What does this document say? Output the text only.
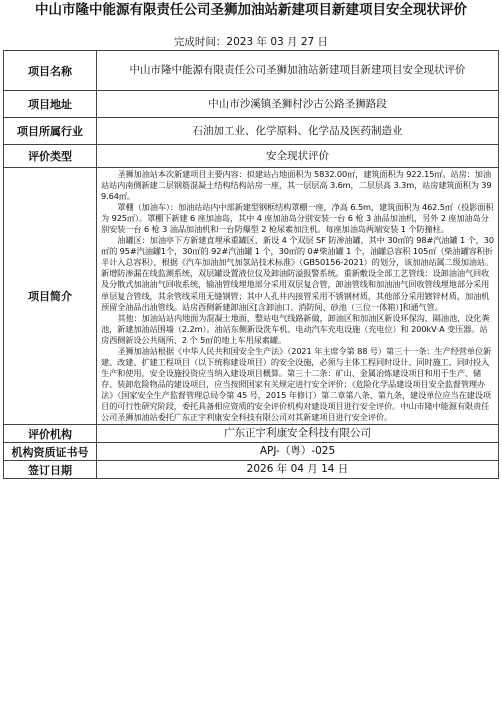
中山市隆中能源有限责任公司圣狮加油站新建项目新建项目安全现状评价
完成时间：2023 年 03 月 27 日
项目名称	中山市隆中能源有限责任公司圣狮加油站新建项目新建项目安全现状评价
项目地址	中山市沙溪镇圣狮村沙古公路圣狮路段
项目所属行业	石油加工业、化学原料、化学品及医药制造业
评价类型	安全现状评价
项目简介	圣狮加油站本次新建项目主要内容：拟建站占地面积为 5832.00㎡，建筑面积为 922.15㎡。站房：加油站站内南侧新建二层钢筋混凝土结构结构站房一座，其一层层高 3.6m，二层层高 3.3m，站房建筑面积为 399.64㎡。

罩棚（加油车）：加油站站内中部新建型钢框结构罩棚一座，净高 6.5m，建筑面积为 462.5㎡（投影面积为 925㎡）。罩棚下新建 6 座加油岛，其中 4 座加油岛分别安装一台 6 枪 3 油品加油机，另外 2 座加油岛分别安装一台 6 枪 3 油品加油机和一台防爆型 2 枪尿素加注机。每座加油岛两端安装 1 个防撞柱。

油罐区：加油亭下方新建直埋承重罐区，新设 4 个双层 SF 防渗油罐，其中 30㎡的 98#汽油罐 1 个，30㎡的 95#汽油罐1个，30㎡的 92#汽油罐 1 个，30㎡的 0#柴油罐 1 个，油罐总容积 105㎡（柴油罐容积折半计入总容积），根据《汽车加油加气加氢站技术标准》（GB50156-2021）的划分，该加油站属二级加油站。新增防渗漏在线监测系统，双层罐设置液位仪及卸油防溢报警系统。重新敷设全部工艺管线：设卸油油气回收及分散式加油油气回收系统，输油管线埋地部分采用双层复合管，卸油管线和加油油气回收管线埋地部分采用单层复合管线，其余管线采用无缝钢管；其中人孔井内接管采用不锈钢材质，其他部分采用镀锌材质，加油机预留全油品出油管线。站房西侧新建卸油区[含卸油口、消防间、砂池（三位一体箱）]和通气管。

其他：加油站站内地面为混凝土地面，整站电气线路新做，卸油区和加油区新设环保沟、隔油池，设化粪池，新建加油站围墙（2.2m）。油站东侧新设洗车机、电动汽车充电设施（充电位）和 200kV·A 变压器。站房西侧新设公共厕所、2 个 5㎡的地上车用尿素罐。

圣狮加油站根据《中华人民共和国安全生产法》（2021 年主席令第 88 号）第三十一条：生产经营单位新建、改建、扩建工程项目（以下统称建设项目）的安全设施，必须与主体工程同时设计、同时施工、同时投入生产和使用，安全设施投资应当纳入建设项目概算。第三十二条：矿山、金属冶炼建设项目和用于生产、储存、装卸危险物品的建设项目，应当按照国家有关规定进行安全评价；《危险化学品建设项目安全监督管理办法》（国家安全生产监督管理总局令第 45 号，2015 年修订）第二章第八条、第九条，建设单位应当在建设项目的可行性研究阶段，委托具备相应资质的安全评价机构对建设项目进行安全评价。中山市隆中能源有限责任公司圣狮加油站委托广东正宇利康安全科技有限公司对其新建项目进行安全评价。

评价机构	广东正宇利康安全科技有限公司
机构资质证书号	APJ-（粤）-025
签订日期	2026 年 04 月 14 日
